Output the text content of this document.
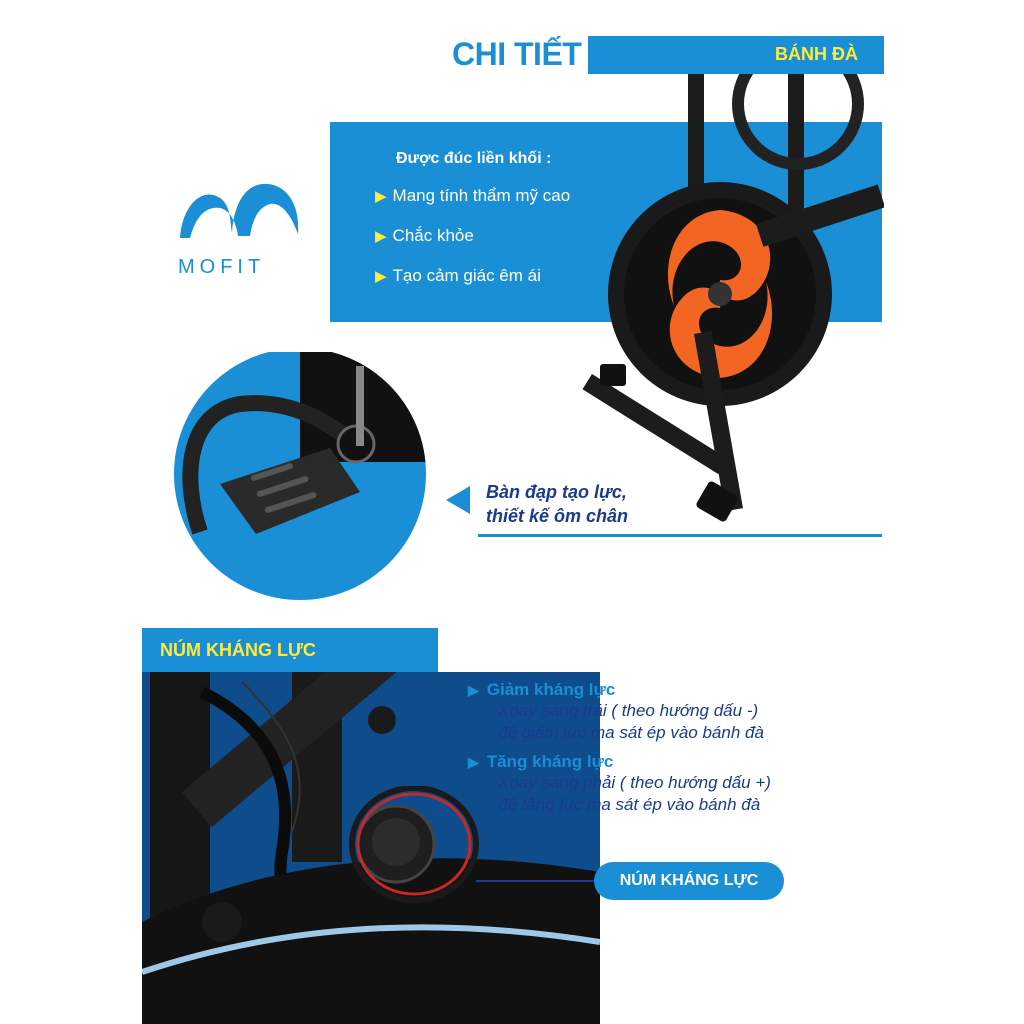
CHI TIẾT	BÁNH ĐÀ
Được đúc liền khối :
▶ Mang tính thẩm mỹ cao
▶ Chắc khỏe
▶ Tạo cảm giác êm ái
MOFIT
Bàn đạp tạo lực,
thiết kế ôm chân
NÚM KHÁNG LỰC
▶ Giảm kháng lực
Xoay sang trái ( theo hướng dấu -)
để giảm lực ma sát ép vào bánh đà
▶ Tăng kháng lực
Xoay sang phải ( theo hướng dấu +)
để tăng lực ma sát ép vào bánh đà
NÚM KHÁNG LỰC
